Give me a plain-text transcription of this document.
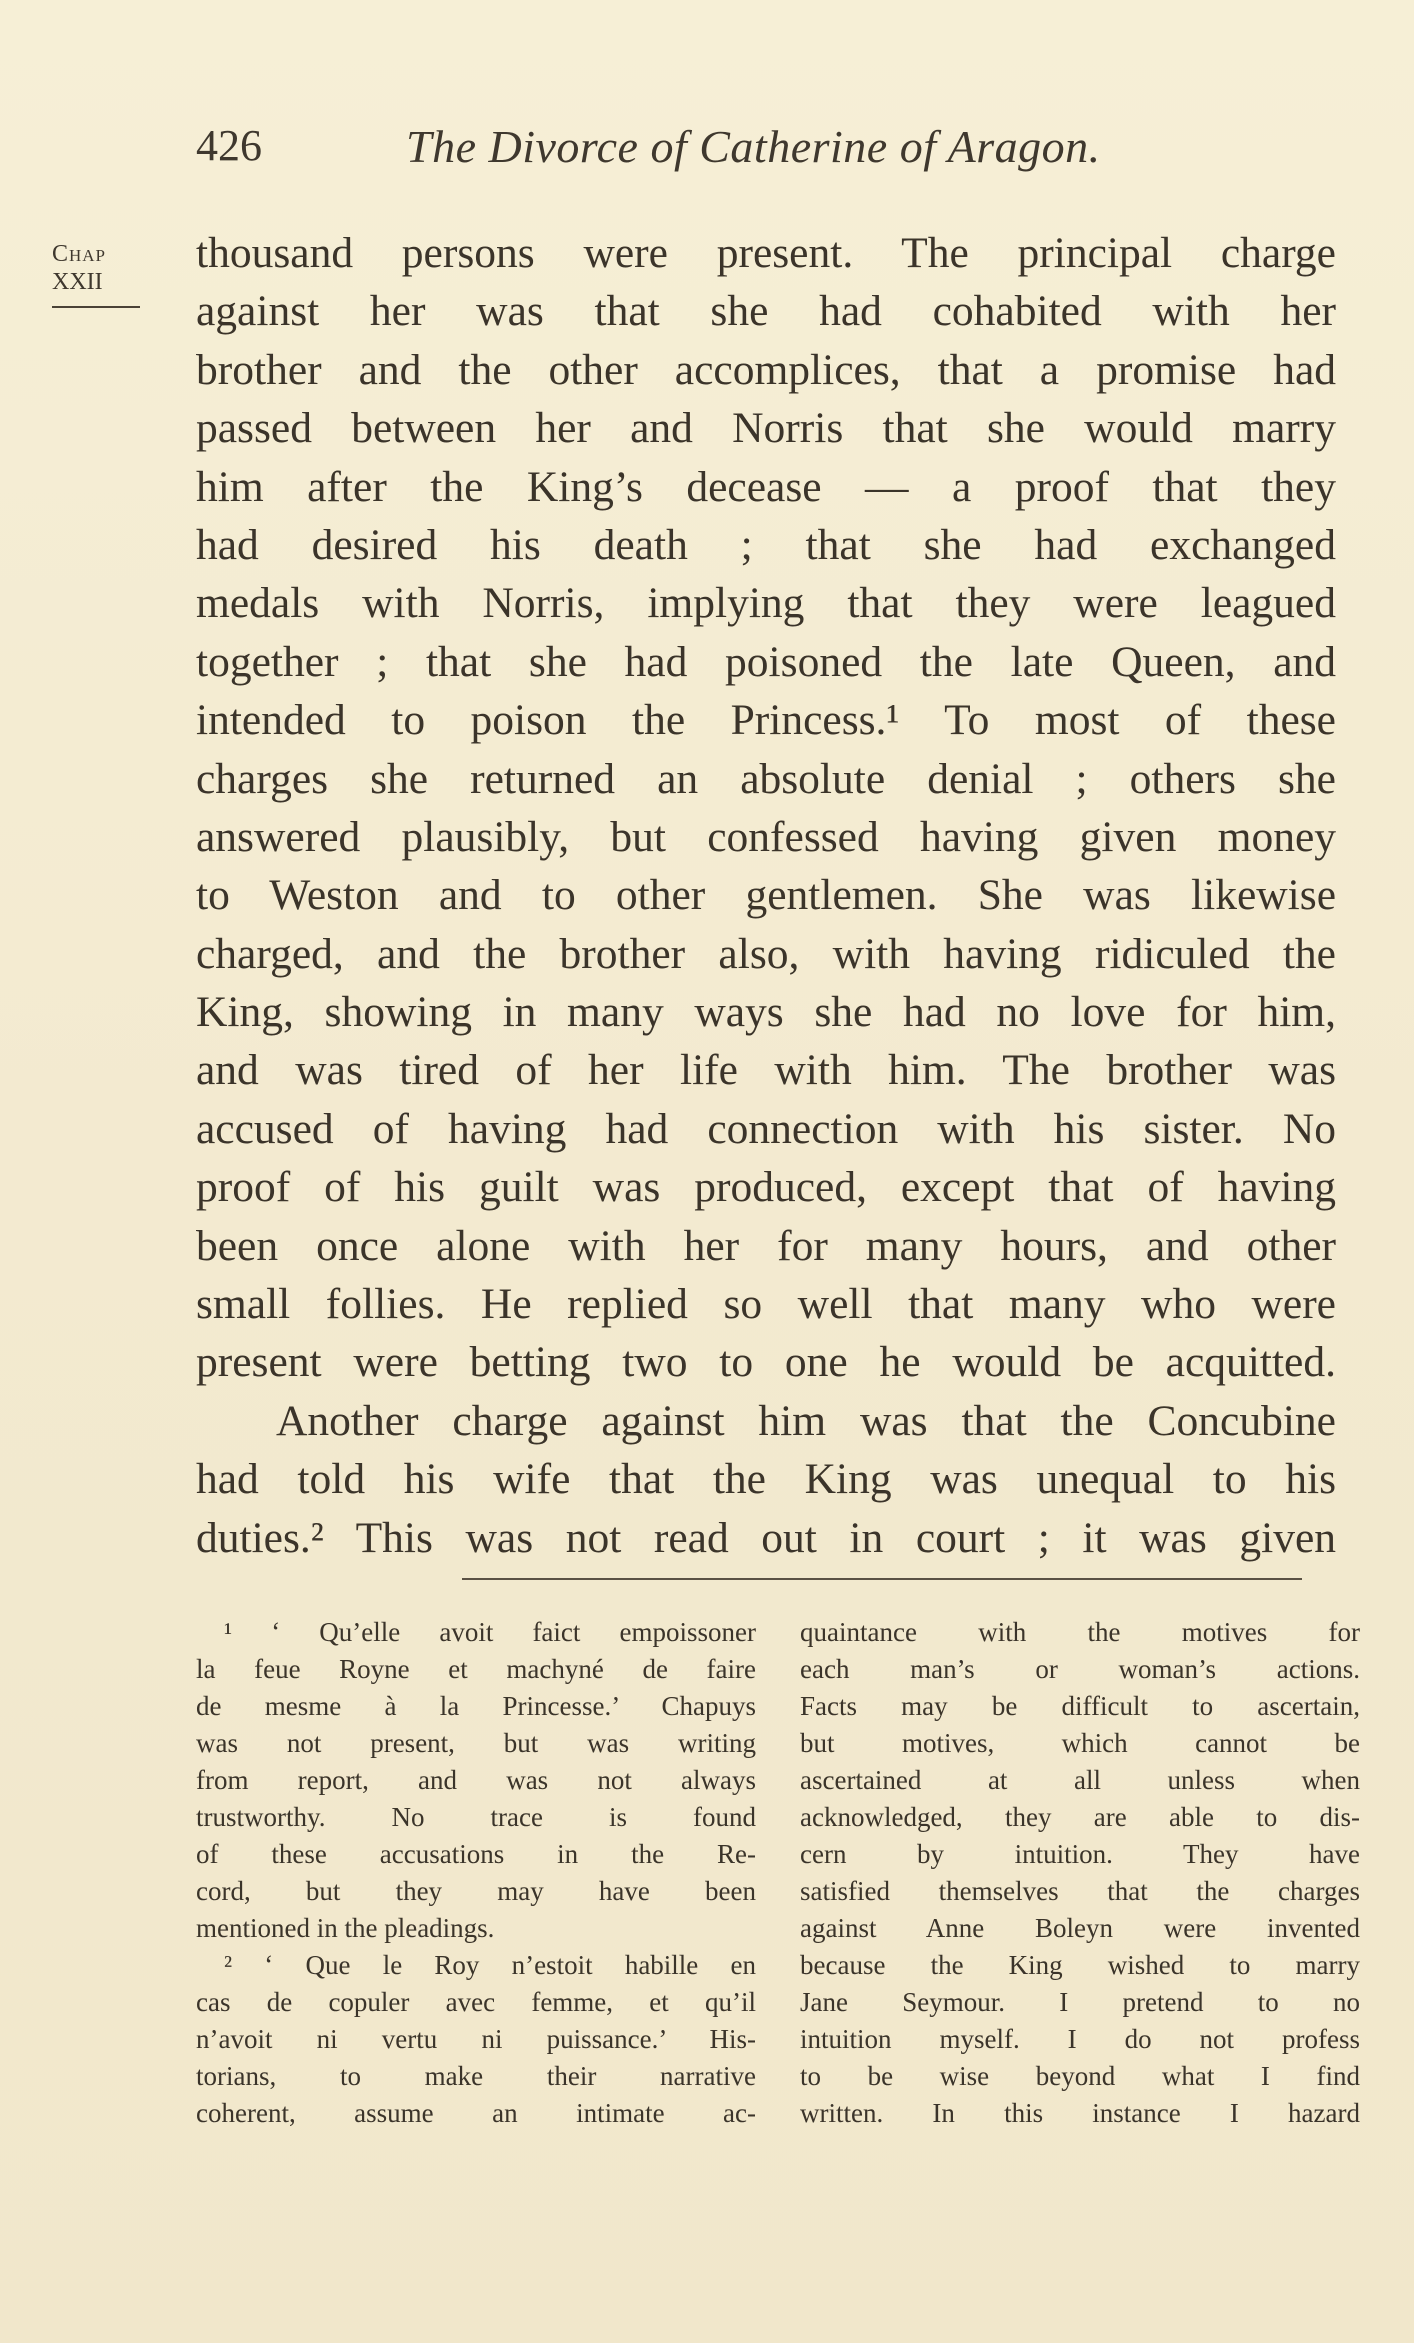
426	The Divorce of Catherine of Aragon.
Chap
XXII
thousand persons were present. The principal charge
against her was that she had cohabited with her
brother and the other accomplices, that a promise had
passed between her and Norris that she would marry
him after the King’s decease — a proof that they
had desired his death ; that she had exchanged
medals with Norris, implying that they were leagued
together ; that she had poisoned the late Queen, and
intended to poison the Princess.¹ To most of these
charges she returned an absolute denial ; others she
answered plausibly, but confessed having given money
to Weston and to other gentlemen. She was likewise
charged, and the brother also, with having ridiculed the
King, showing in many ways she had no love for him,
and was tired of her life with him. The brother was
accused of having had connection with his sister. No
proof of his guilt was produced, except that of having
been once alone with her for many hours, and other
small follies. He replied so well that many who were
present were betting two to one he would be acquitted.
Another charge against him was that the Concubine
had told his wife that the King was unequal to his
duties.² This was not read out in court ; it was given
¹ ‘ Qu’elle avoit faict empoissoner
la feue Royne et machyné de faire
de mesme à la Princesse.’ Chapuys
was not present, but was writing
from report, and was not always
trustworthy. No trace is found
of these accusations in the Re-
cord, but they may have been
mentioned in the pleadings.
² ‘ Que le Roy n’estoit habille en
cas de copuler avec femme, et qu’il
n’avoit ni vertu ni puissance.’ His-
torians, to make their narrative
coherent, assume an intimate ac-
quaintance with the motives for
each man’s or woman’s actions.
Facts may be difficult to ascertain,
but motives, which cannot be
ascertained at all unless when
acknowledged, they are able to dis-
cern by intuition. They have
satisfied themselves that the charges
against Anne Boleyn were invented
because the King wished to marry
Jane Seymour. I pretend to no
intuition myself. I do not profess
to be wise beyond what I find
written. In this instance I hazard
